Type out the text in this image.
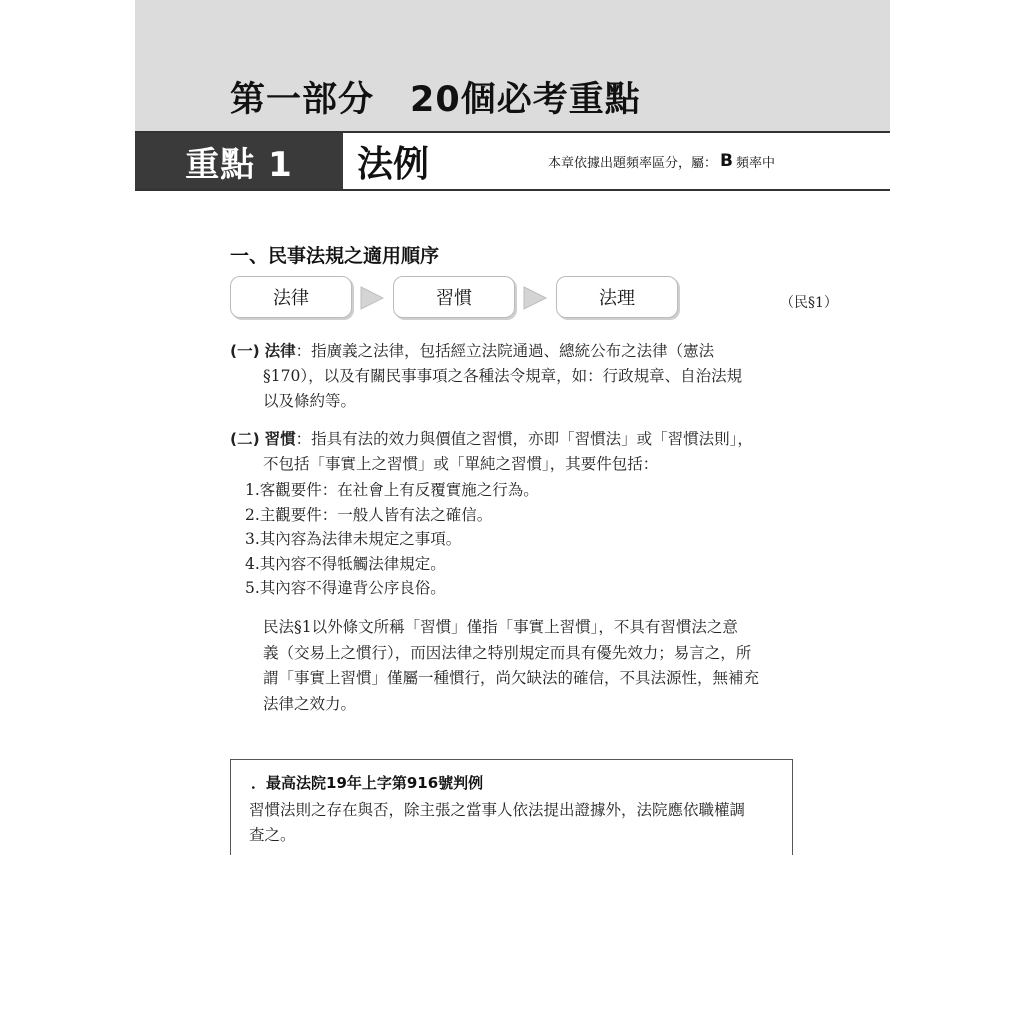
第一部分　20個必考重點
重點 1	法例	本章依據出題頻率區分，屬： B 頻率中
一、民事法規之適用順序
法律	習慣	法理	（民§1）
(一) 法律：指廣義之法律，包括經立法院通過、總統公布之法律（憲法
§170），以及有關民事事項之各種法令規章，如：行政規章、自治法規
以及條約等。
(二) 習慣：指具有法的效力與價值之習慣，亦即「習慣法」或「習慣法則」，
不包括「事實上之習慣」或「單純之習慣」，其要件包括：
1.客觀要件：在社會上有反覆實施之行為。
2.主觀要件：一般人皆有法之確信。
3.其內容為法律未規定之事項。
4.其內容不得牴觸法律規定。
5.其內容不得違背公序良俗。
民法§1以外條文所稱「習慣」僅指「事實上習慣」，不具有習慣法之意
義（交易上之慣行），而因法律之特別規定而具有優先效力；易言之，所
謂「事實上習慣」僅屬一種慣行，尚欠缺法的確信，不具法源性，無補充
法律之效力。
．最高法院19年上字第916號判例
習慣法則之存在與否，除主張之當事人依法提出證據外，法院應依職權調
查之。
